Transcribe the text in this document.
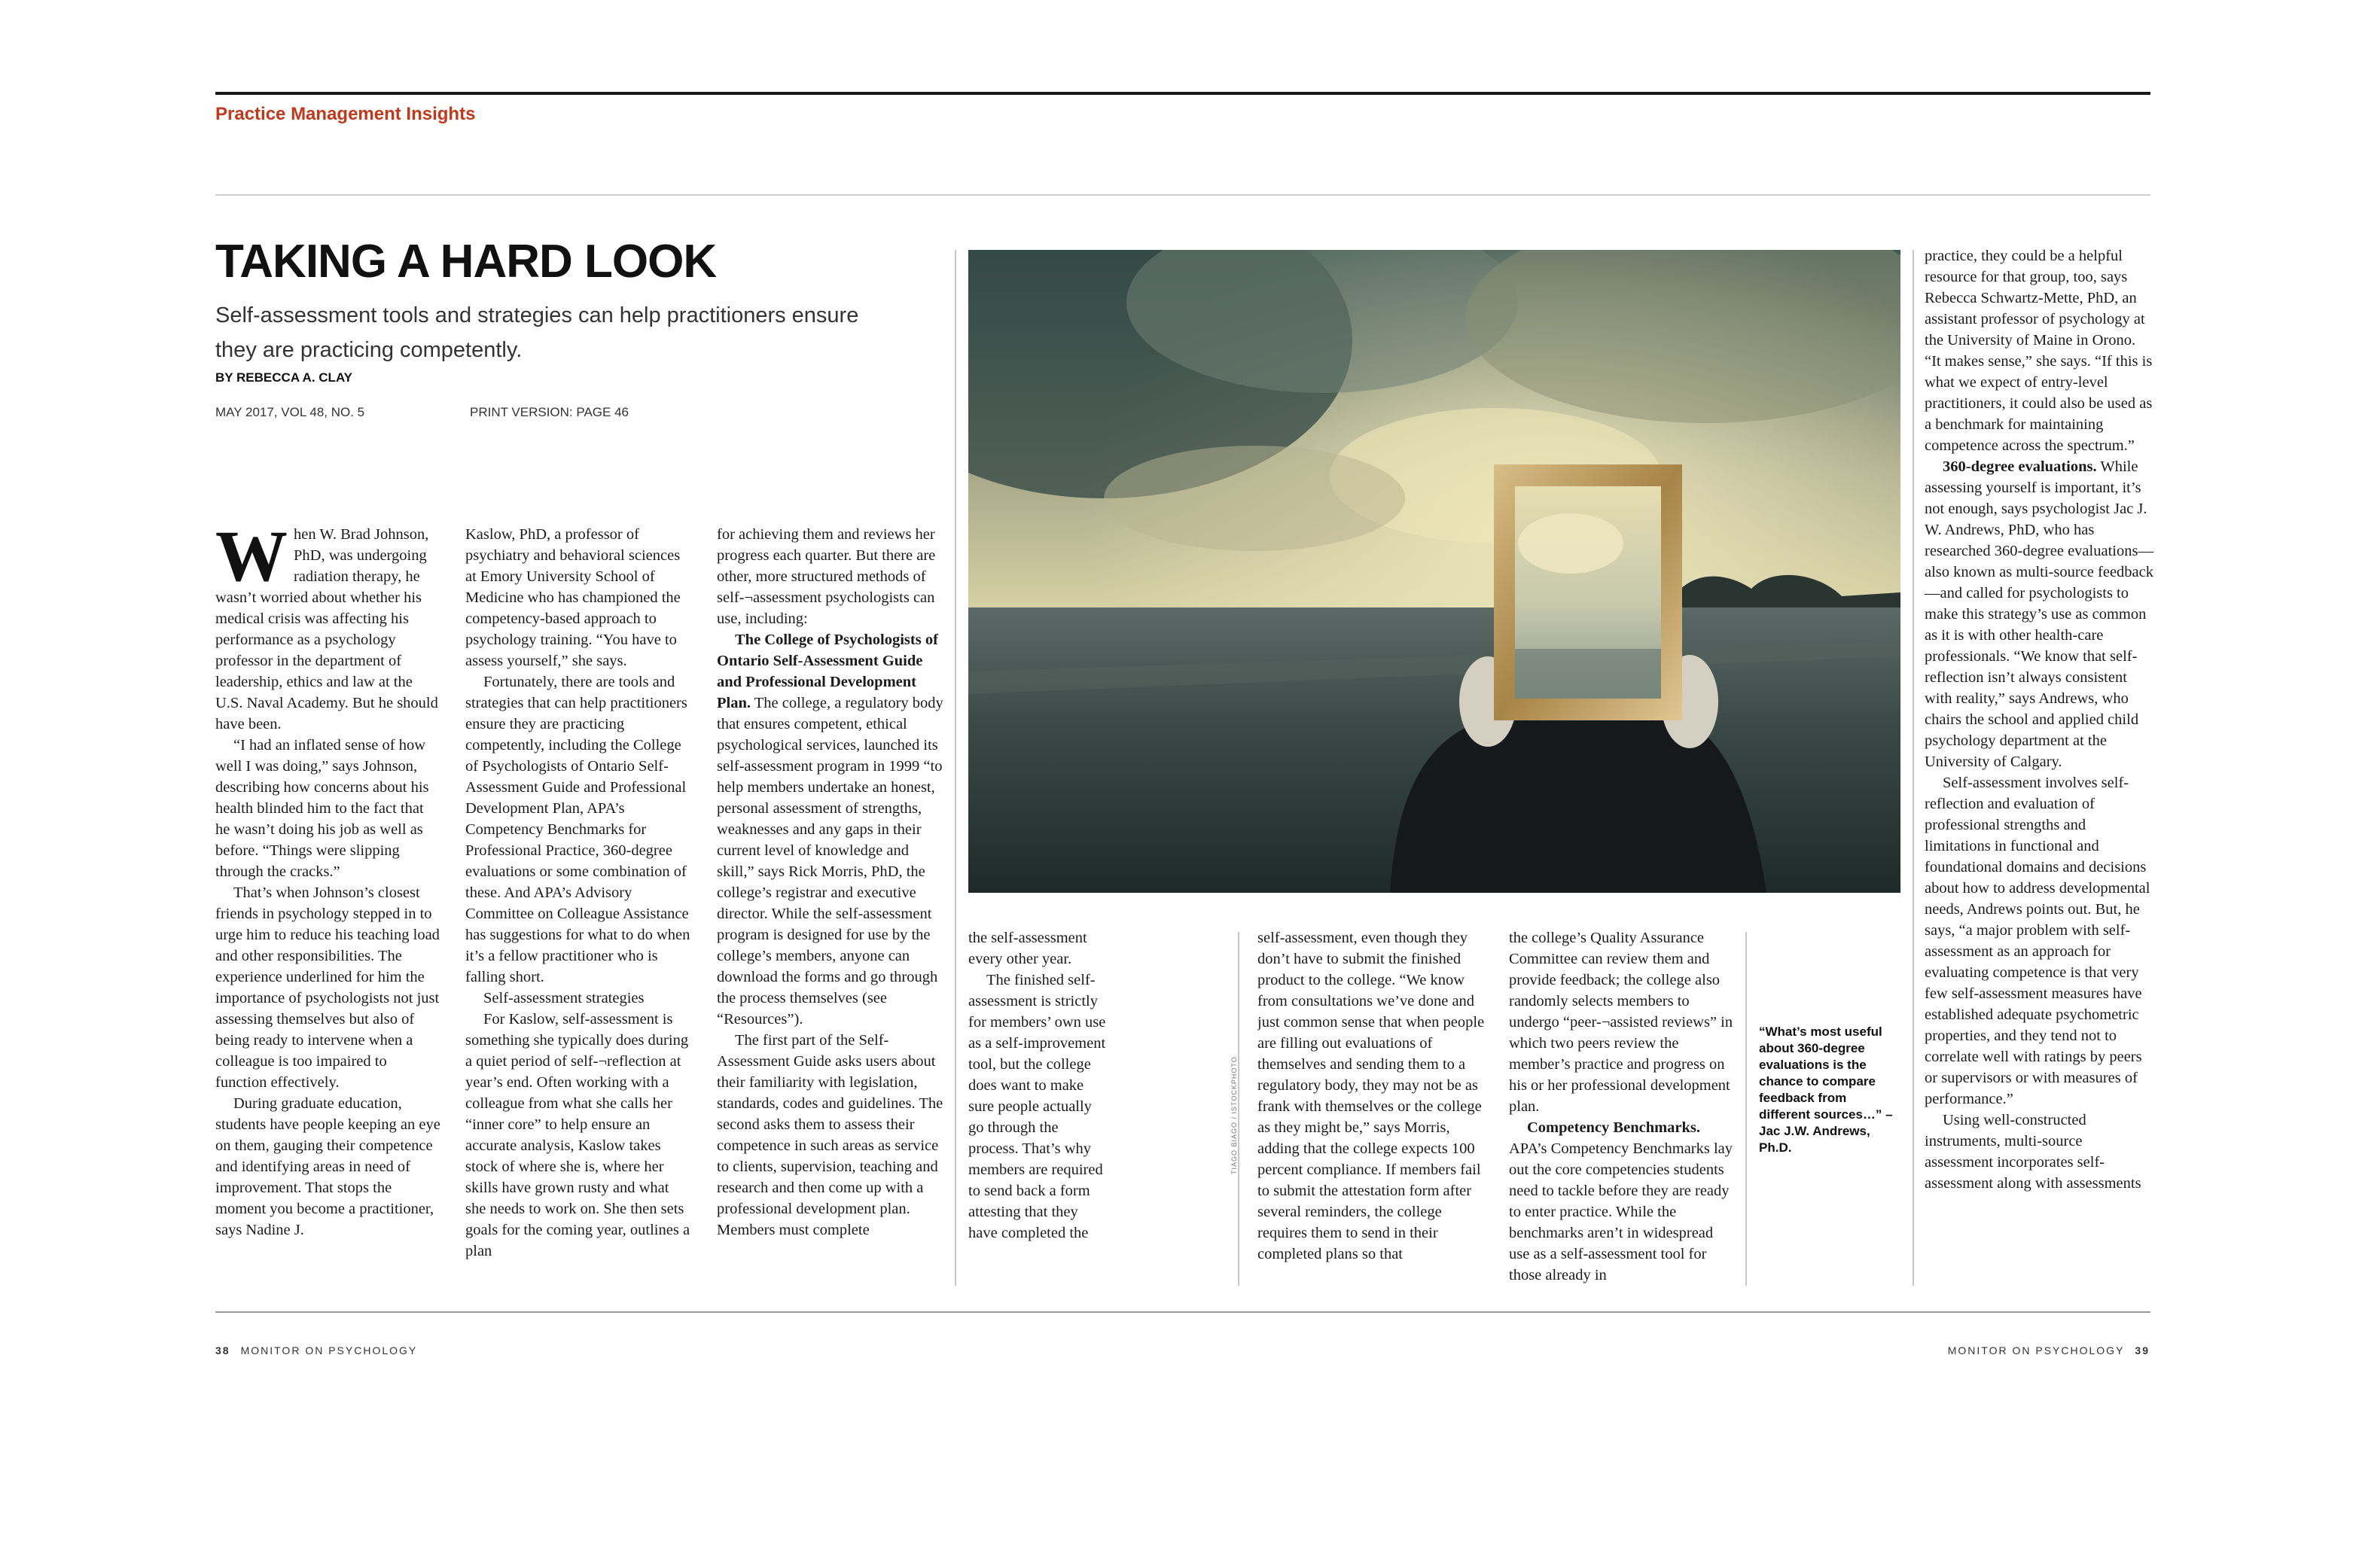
Practice Management Insights
TAKING A HARD LOOK
Self-assessment tools and strategies can help practitioners ensure they are practicing competently.
BY REBECCA A. CLAY
MAY 2017, VOL 48, NO. 5	PRINT VERSION: PAGE 46

When W. Brad Johnson, PhD, was undergoing radiation therapy, he wasn’t worried about whether his medical crisis was affecting his performance as a psychology professor in the department of leadership, ethics and law at the U.S. Naval Academy. But he should have been.

“I had an inflated sense of how well I was doing,” says Johnson, describing how concerns about his health blinded him to the fact that he wasn’t doing his job as well as before. “Things were slipping through the cracks.”

That’s when Johnson’s closest friends in psychology stepped in to urge him to reduce his teaching load and other responsibilities. The experience underlined for him the importance of psychologists not just assessing themselves but also of being ready to intervene when a colleague is too impaired to function effectively.

During graduate education, students have people keeping an eye on them, gauging their competence and identifying areas in need of improvement. That stops the moment you become a practitioner, says Nadine J.

Kaslow, PhD, a professor of psychiatry and behavioral sciences at Emory University School of Medicine who has championed the competency-based approach to psychology training. “You have to assess yourself,” she says.

Fortunately, there are tools and strategies that can help practitioners ensure they are practicing competently, including the College of Psychologists of Ontario Self-Assessment Guide and Professional Development Plan, APA’s Competency Benchmarks for Professional Practice, 360-degree evaluations or some combination of these. And APA’s Advisory Committee on Colleague Assistance has suggestions for what to do when it’s a fellow practitioner who is falling short.

Self-assessment strategies

For Kaslow, self-assessment is something she typically does during a quiet period of self-¬reflection at year’s end. Often working with a colleague from what she calls her “inner core” to help ensure an accurate analysis, Kaslow takes stock of where she is, where her skills have grown rusty and what she needs to work on. She then sets goals for the coming year, outlines a plan

for achieving them and reviews her progress each quarter. But there are other, more structured methods of self-¬assessment psychologists can use, including:

The College of Psychologists of Ontario Self-Assessment Guide and Professional Development Plan. The college, a regulatory body that ensures competent, ethical psychological services, launched its self-assessment program in 1999 “to help members undertake an honest, personal assessment of strengths, weaknesses and any gaps in their current level of knowledge and skill,” says Rick Morris, PhD, the college’s registrar and executive director. While the self-assessment program is designed for use by the college’s members, anyone can download the forms and go through the process themselves (see “Resources”).

The first part of the Self-Assessment Guide asks users about their familiarity with legislation, standards, codes and guidelines. The second asks them to assess their competence in such areas as service to clients, supervision, teaching and research and then come up with a professional development plan. Members must complete

the self-assessment every other year.

The finished self-assessment is strictly for members’ own use as a self-improvement tool, but the college does want to make sure people actually go through the process. That’s why members are required to send back a form attesting that they have completed the

TIAGO BIAGO / ISTOCKPHOTO

self-assessment, even though they don’t have to submit the finished product to the college. “We know from consultations we’ve done and just common sense that when people are filling out evaluations of themselves and sending them to a regulatory body, they may not be as frank with themselves or the college as they might be,” says Morris, adding that the college expects 100 percent compliance. If members fail to submit the attestation form after several reminders, the college requires them to send in their completed plans so that

the college’s Quality Assurance Committee can review them and provide feedback; the college also randomly selects members to undergo “peer-¬assisted reviews” in which two peers review the member’s practice and progress on his or her professional development plan.

Competency Benchmarks. APA’s Competency Benchmarks lay out the core competencies students need to tackle before they are ready to enter practice. While the benchmarks aren’t in widespread use as a self-assessment tool for those already in

“What’s most useful about 360-degree evaluations is the chance to compare feedback from different sources…” – Jac J.W. Andrews, Ph.D.

practice, they could be a helpful resource for that group, too, says Rebecca Schwartz-Mette, PhD, an assistant professor of psychology at the University of Maine in Orono. “It makes sense,” she says. “If this is what we expect of entry-level practitioners, it could also be used as a benchmark for maintaining competence across the spectrum.”

360-degree evaluations. While assessing yourself is important, it’s not enough, says psychologist Jac J. W. Andrews, PhD, who has researched 360-degree evaluations—also known as multi-source feedback—and called for psychologists to make this strategy’s use as common as it is with other health-care professionals. “We know that self-reflection isn’t always consistent with reality,” says Andrews, who chairs the school and applied child psychology department at the University of Calgary.

Self-assessment involves self-reflection and evaluation of professional strengths and limitations in functional and foundational domains and decisions about how to address developmental needs, Andrews points out. But, he says, “a major problem with self-assessment as an approach for evaluating competence is that very few self-assessment measures have established adequate psychometric properties, and they tend not to correlate well with ratings by peers or supervisors or with measures of performance.”

Using well-constructed instruments, multi-source assessment incorporates self-assessment along with assessments

38 MONITOR ON PSYCHOLOGY	MONITOR ON PSYCHOLOGY 39
